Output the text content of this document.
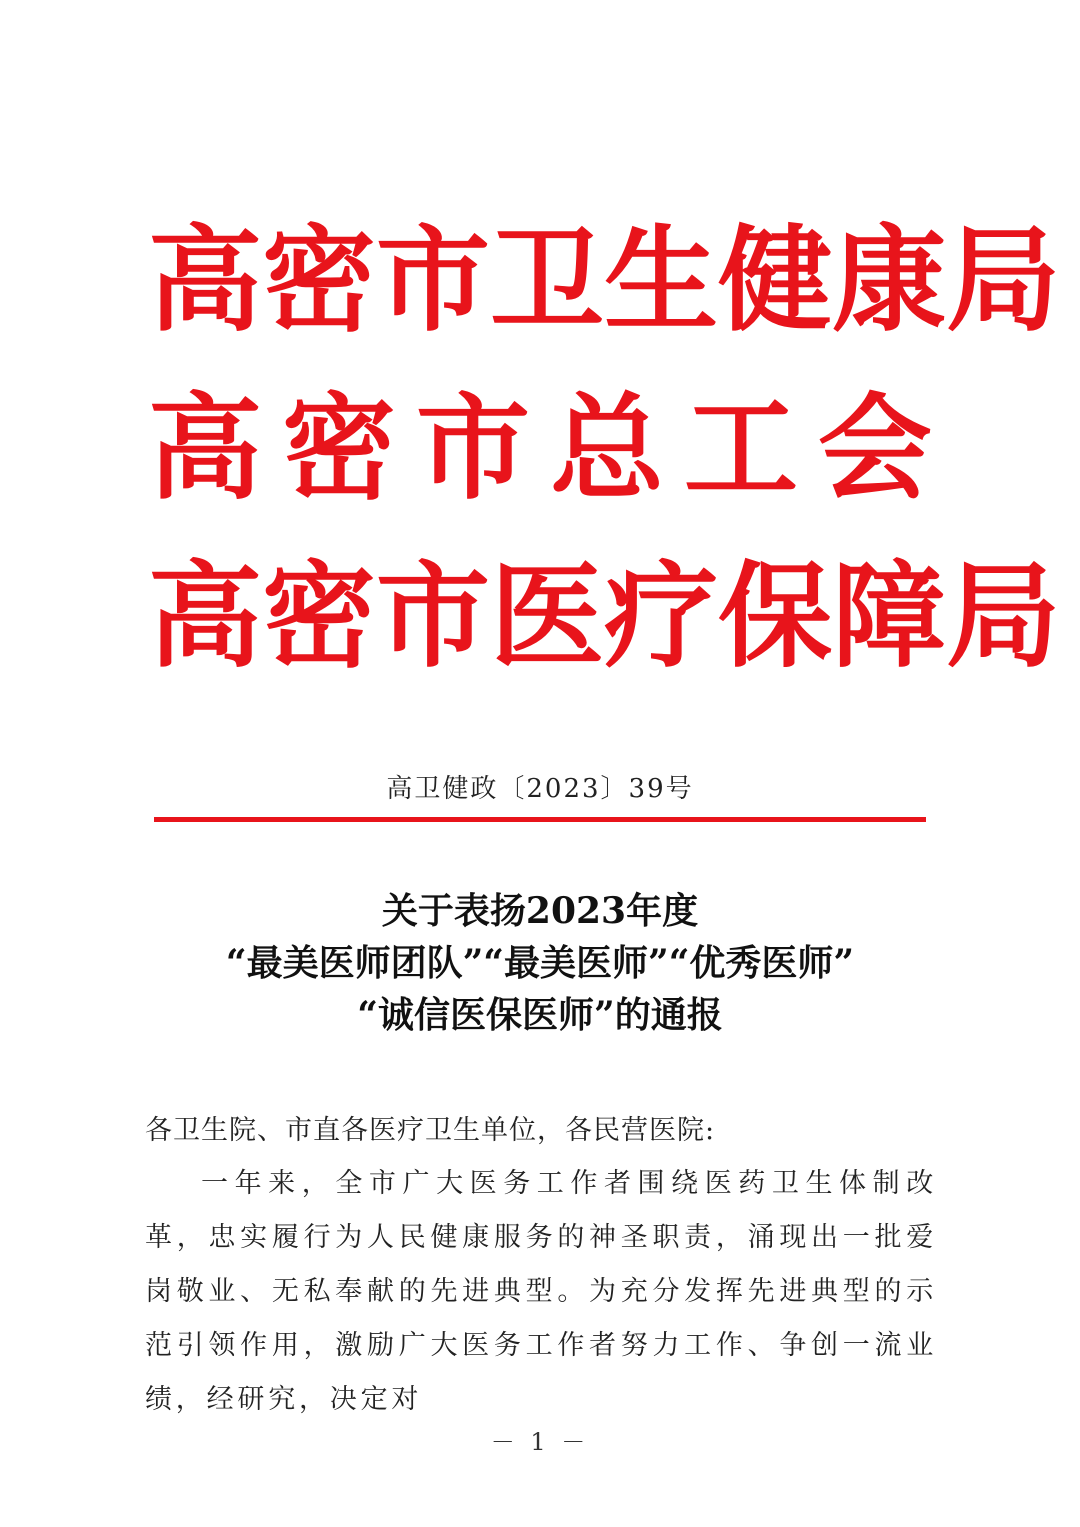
高 密 市 卫 生 健 康 局
高 密 市 总 工 会
高 密 市 医 疗 保 障 局
高卫健政〔2023〕39号
关于表扬2023年度
“最美医师团队”“最美医师”“优秀医师”
“诚信医保医师”的通报
各卫生院、市直各医疗卫生单位，各民营医院:
一年来，全市广大医务工作者围绕医药卫生体制改革，忠实履行为人民健康服务的神圣职责，涌现出一批爱岗敬业、无私奉献的先进典型。为充分发挥先进典型的示范引领作用，激励广大医务工作者努力工作、争创一流业绩，经研究，决定对
－ 1 －
